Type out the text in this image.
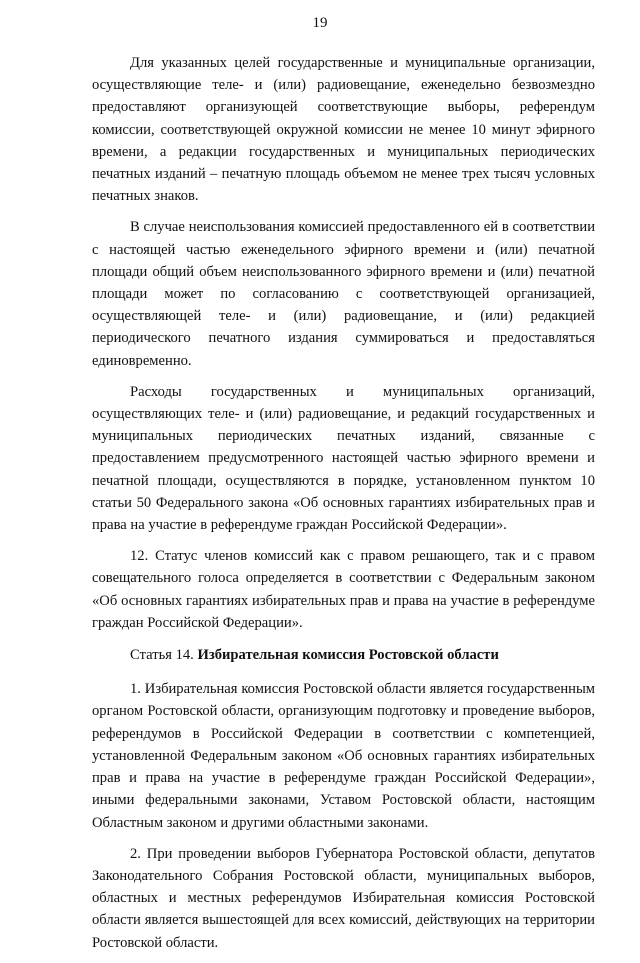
19

Для указанных целей государственные и муниципальные организации, осуществляющие теле- и (или) радиовещание, еженедельно безвозмездно предоставляют организующей соответствующие выборы, референдум комиссии, соответствующей окружной комиссии не менее 10 минут эфирного времени, а редакции государственных и муниципальных периодических печатных изданий – печатную площадь объемом не менее трех тысяч условных печатных знаков.

В случае неиспользования комиссией предоставленного ей в соответствии с настоящей частью еженедельного эфирного времени и (или) печатной площади общий объем неиспользованного эфирного времени и (или) печатной площади может по согласованию с соответствующей организацией, осуществляющей теле- и (или) радиовещание, и (или) редакцией периодического печатного издания суммироваться и предоставляться единовременно.

Расходы государственных и муниципальных организаций, осуществляющих теле- и (или) радиовещание, и редакций государственных и муниципальных периодических печатных изданий, связанные с предоставлением предусмотренного настоящей частью эфирного времени и печатной площади, осуществляются в порядке, установленном пунктом 10 статьи 50 Федерального закона «Об основных гарантиях избирательных прав и права на участие в референдуме граждан Российской Федерации».

12. Статус членов комиссий как с правом решающего, так и с правом совещательного голоса определяется в соответствии с Федеральным законом «Об основных гарантиях избирательных прав и права на участие в референдуме граждан Российской Федерации».

Статья 14. Избирательная комиссия Ростовской области

1. Избирательная комиссия Ростовской области является государственным органом Ростовской области, организующим подготовку и проведение выборов, референдумов в Российской Федерации в соответствии с компетенцией, установленной Федеральным законом «Об основных гарантиях избирательных прав и права на участие в референдуме граждан Российской Федерации», иными федеральными законами, Уставом Ростовской области, настоящим Областным законом и другими областными законами.

2. При проведении выборов Губернатора Ростовской области, депутатов Законодательного Собрания Ростовской области, муниципальных выборов, областных и местных референдумов Избирательная комиссия Ростовской области является вышестоящей для всех комиссий, действующих на территории Ростовской области.
